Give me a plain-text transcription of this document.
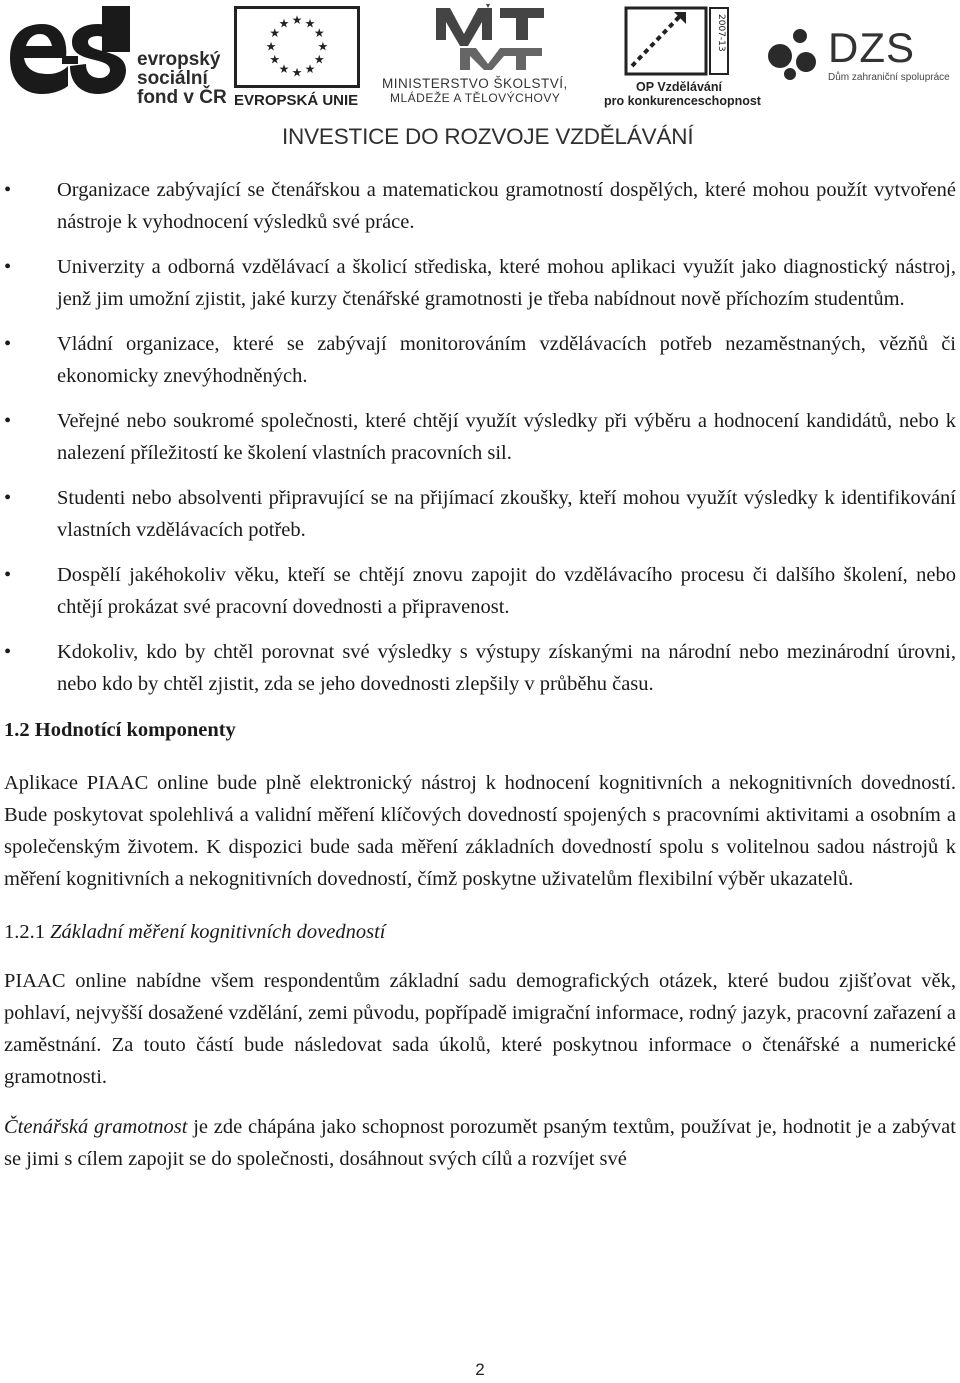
evropský
sociální
fond v ČR
★ ★
★
★
★
★
★
★
★
★
★
★
EVROPSKÁ UNIE
MINISTERSTVO ŠKOLSTVÍ,
MLÁDEŽE A TĚLOVÝCHOVY
2007-13
OP Vzdělávání
pro konkurenceschopnost
DZS
Dům zahraniční spolupráce
INVESTICE DO ROZVOJE VZDĚLÁVÁNÍ
• Organizace zabývající se čtenářskou a matematickou gramotností dospělých, které mohou použít vytvořené nástroje k vyhodnocení výsledků své práce.
• Univerzity a odborná vzdělávací a školicí střediska, které mohou aplikaci využít jako diagnostický nástroj, jenž jim umožní zjistit, jaké kurzy čtenářské gramotnosti je třeba nabídnout nově příchozím studentům.
• Vládní organizace, které se zabývají monitorováním vzdělávacích potřeb nezaměstnaných, vězňů či ekonomicky znevýhodněných.
• Veřejné nebo soukromé společnosti, které chtějí využít výsledky při výběru a hodnocení kandidátů, nebo k nalezení příležitostí ke školení vlastních pracovních sil.
• Studenti nebo absolventi připravující se na přijímací zkoušky, kteří mohou využít výsledky k identifikování vlastních vzdělávacích potřeb.
• Dospělí jakéhokoliv věku, kteří se chtějí znovu zapojit do vzdělávacího procesu či dalšího školení, nebo chtějí prokázat své pracovní dovednosti a připravenost.
• Kdokoliv, kdo by chtěl porovnat své výsledky s výstupy získanými na národní nebo mezinárodní úrovni, nebo kdo by chtěl zjistit, zda se jeho dovednosti zlepšily v průběhu času.
1.2 Hodnotící komponenty

Aplikace PIAAC online bude plně elektronický nástroj k hodnocení kognitivních a nekognitivních dovedností. Bude poskytovat spolehlivá a validní měření klíčových dovedností spojených s pracovními aktivitami a osobním a společenským životem. K dispozici bude sada měření základních dovedností spolu s volitelnou sadou nástrojů k měření kognitivních a nekognitivních dovedností, čímž poskytne uživatelům flexibilní výběr ukazatelů.

1.2.1 Základní měření kognitivních dovedností

PIAAC online nabídne všem respondentům základní sadu demografických otázek, které budou zjišťovat věk, pohlaví, nejvyšší dosažené vzdělání, zemi původu, popřípadě imigrační informace, rodný jazyk, pracovní zařazení a zaměstnání. Za touto částí bude následovat sada úkolů, které poskytnou informace o čtenářské a numerické gramotnosti.

Čtenářská gramotnost je zde chápána jako schopnost porozumět psaným textům, používat je, hodnotit je a zabývat se jimi s cílem zapojit se do společnosti, dosáhnout svých cílů a rozvíjet své

2
